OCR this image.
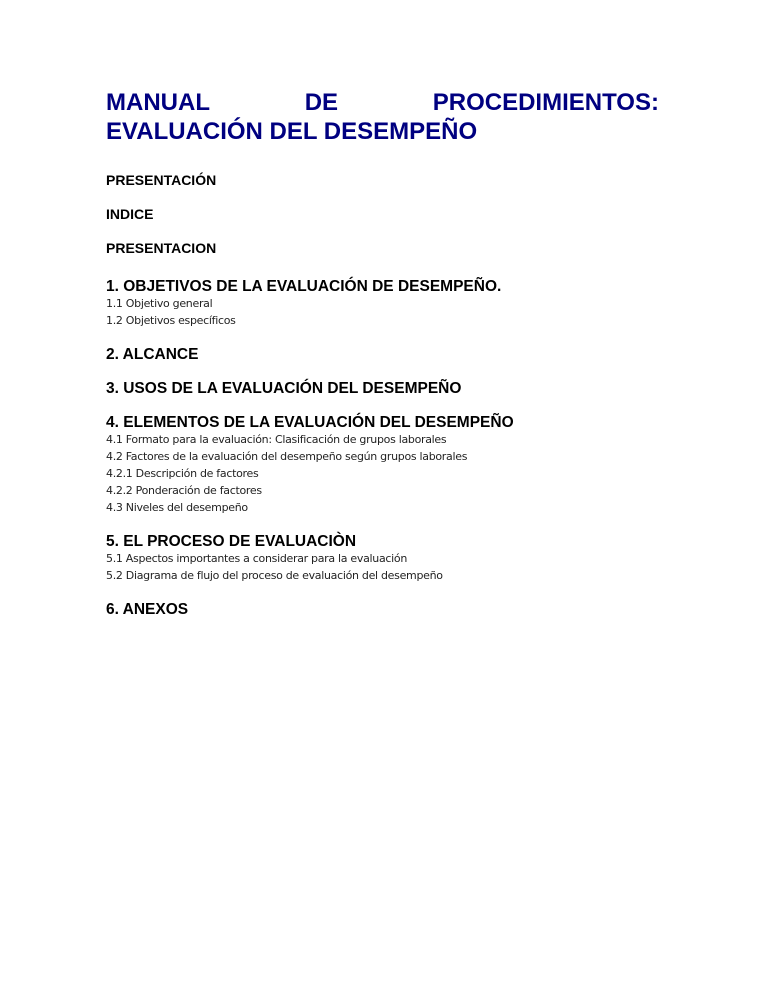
MANUAL	DE	PROCEDIMIENTOS:
EVALUACIÓN DEL DESEMPEÑO
PRESENTACIÓN
INDICE
PRESENTACION
1. OBJETIVOS DE LA EVALUACIÓN DE DESEMPEÑO.
1.1 Objetivo general
1.2 Objetivos específicos
2. ALCANCE
3. USOS DE LA EVALUACIÓN DEL DESEMPEÑO
4. ELEMENTOS DE LA EVALUACIÓN DEL DESEMPEÑO
4.1 Formato para la evaluación: Clasificación de grupos laborales
4.2 Factores de la evaluación del desempeño según grupos laborales
4.2.1 Descripción de factores
4.2.2 Ponderación de factores
4.3 Niveles del desempeño
5. EL PROCESO DE EVALUACIÒN
5.1 Aspectos importantes a considerar para la evaluación
5.2 Diagrama de flujo del proceso de evaluación del desempeño
6. ANEXOS
